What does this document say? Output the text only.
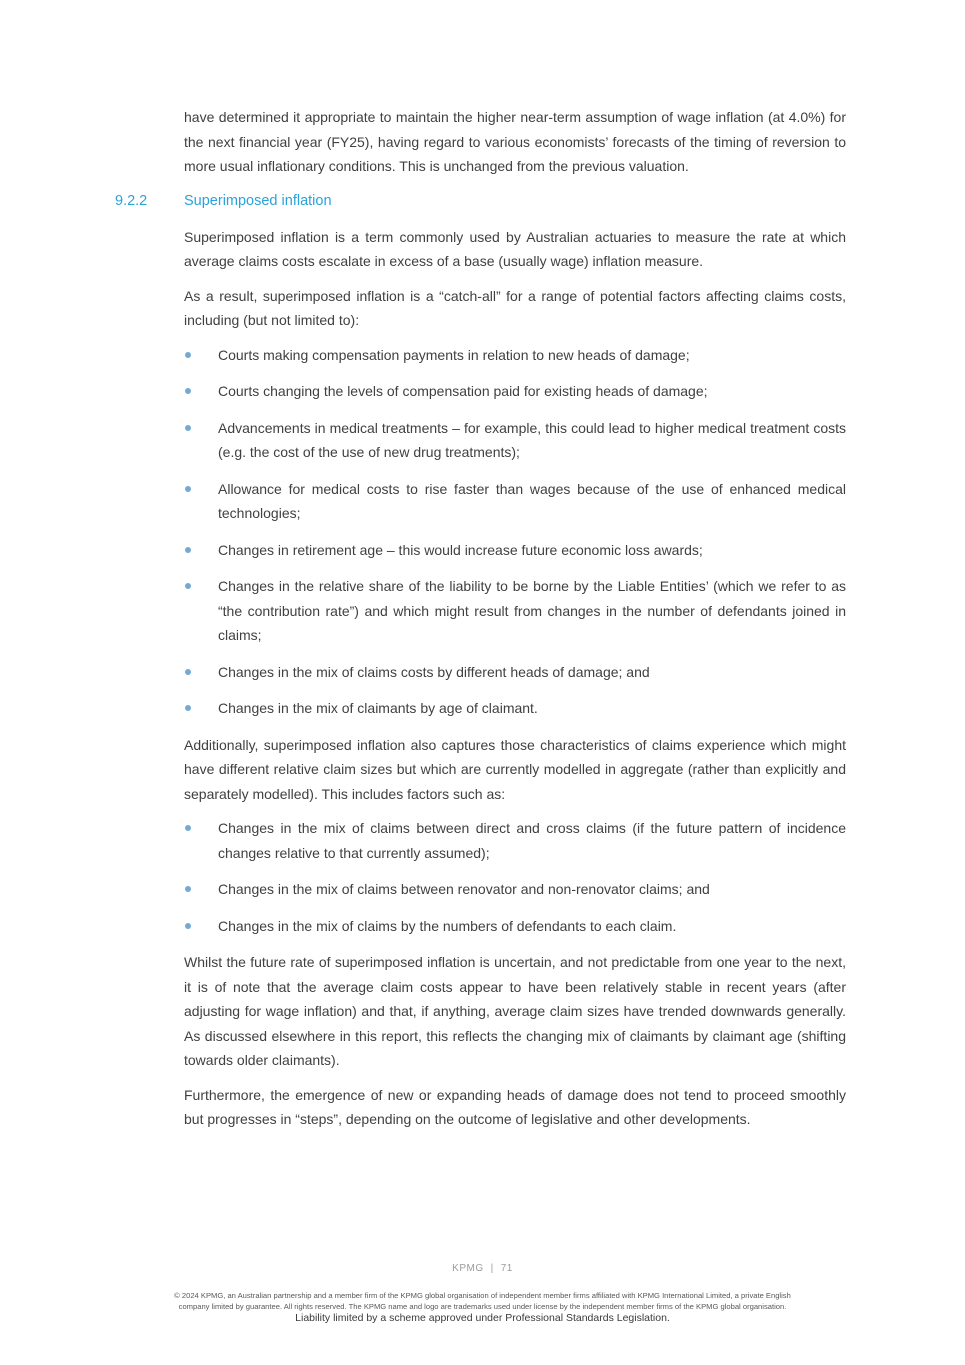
have determined it appropriate to maintain the higher near-term assumption of wage inflation (at 4.0%) for the next financial year (FY25), having regard to various economists’ forecasts of the timing of reversion to more usual inflationary conditions. This is unchanged from the previous valuation.

9.2.2	Superimposed inflation

Superimposed inflation is a term commonly used by Australian actuaries to measure the rate at which average claims costs escalate in excess of a base (usually wage) inflation measure.

As a result, superimposed inflation is a “catch-all” for a range of potential factors affecting claims costs, including (but not limited to):

Courts making compensation payments in relation to new heads of damage;
Courts changing the levels of compensation paid for existing heads of damage;
Advancements in medical treatments – for example, this could lead to higher medical treatment costs (e.g. the cost of the use of new drug treatments);
Allowance for medical costs to rise faster than wages because of the use of enhanced medical technologies;
Changes in retirement age – this would increase future economic loss awards;
Changes in the relative share of the liability to be borne by the Liable Entities’ (which we refer to as “the contribution rate”) and which might result from changes in the number of defendants joined in claims;
Changes in the mix of claims costs by different heads of damage; and
Changes in the mix of claimants by age of claimant.

Additionally, superimposed inflation also captures those characteristics of claims experience which might have different relative claim sizes but which are currently modelled in aggregate (rather than explicitly and separately modelled). This includes factors such as:

Changes in the mix of claims between direct and cross claims (if the future pattern of incidence changes relative to that currently assumed);
Changes in the mix of claims between renovator and non-renovator claims; and
Changes in the mix of claims by the numbers of defendants to each claim.

Whilst the future rate of superimposed inflation is uncertain, and not predictable from one year to the next, it is of note that the average claim costs appear to have been relatively stable in recent years (after adjusting for wage inflation) and that, if anything, average claim sizes have trended downwards generally. As discussed elsewhere in this report, this reflects the changing mix of claimants by claimant age (shifting towards older claimants).

Furthermore, the emergence of new or expanding heads of damage does not tend to proceed smoothly but progresses in “steps”, depending on the outcome of legislative and other developments.

KPMG | 71
© 2024 KPMG, an Australian partnership and a member firm of the KPMG global organisation of independent member firms affiliated with KPMG International Limited, a private English
company limited by guarantee. All rights reserved. The KPMG name and logo are trademarks used under license by the independent member firms of the KPMG global organisation.
Liability limited by a scheme approved under Professional Standards Legislation.
